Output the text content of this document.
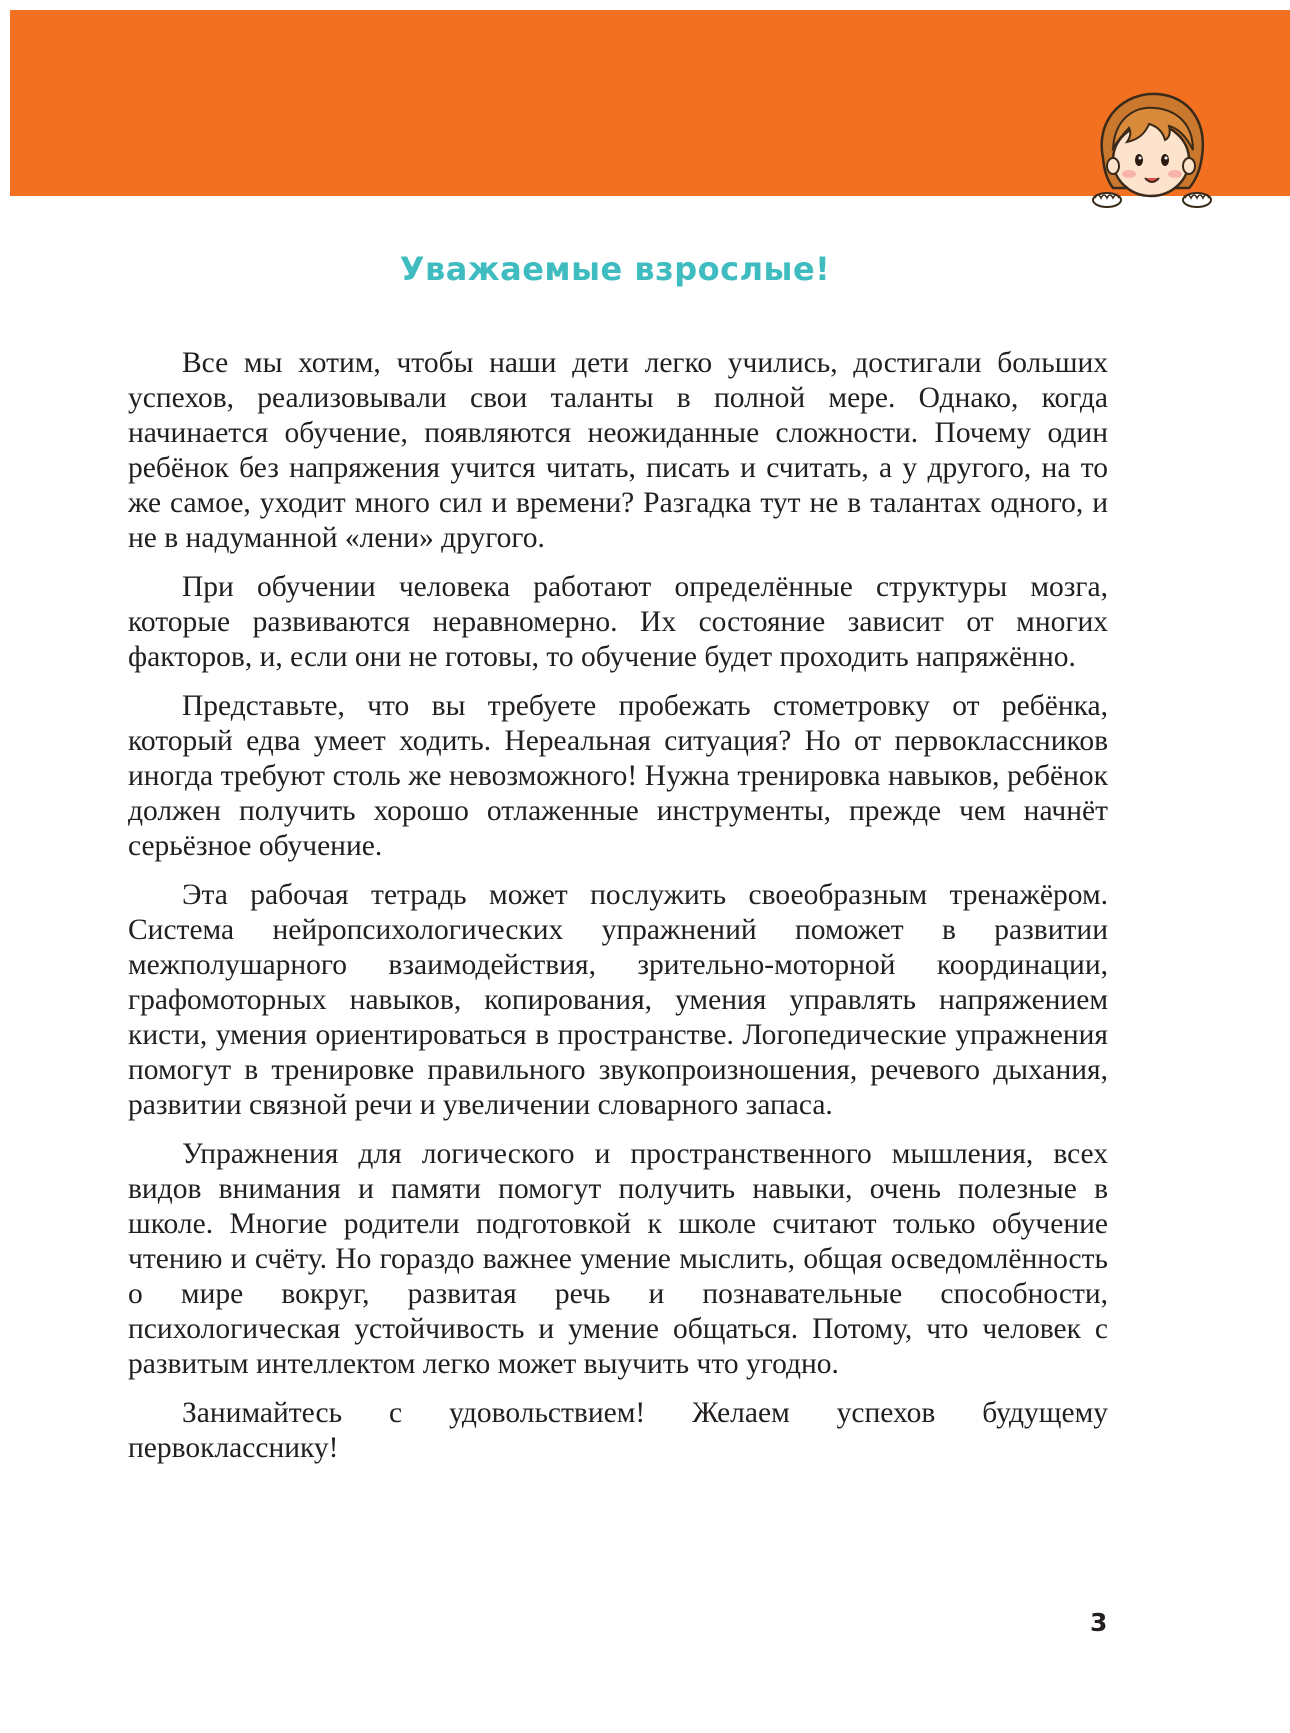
Уважаемые взрослые!

Все мы хотим, чтобы наши дети легко учились, достигали больших успехов, реализовывали свои таланты в полной мере. Однако, когда начинается обучение, появляются неожиданные сложности. Почему один ребёнок без напряжения учится читать, писать и считать, а у другого, на то же самое, уходит много сил и времени? Разгадка тут не в талантах одного, и не в надуманной «лени» другого.

При обучении человека работают определённые структуры мозга, которые развиваются неравномерно. Их состояние зависит от многих факторов, и, если они не готовы, то обучение будет проходить напряжённо.

Представьте, что вы требуете пробежать стометровку от ребёнка, который едва умеет ходить. Нереальная ситуация? Но от первоклассников иногда требуют столь же невозможного! Нужна тренировка навыков, ребёнок должен получить хорошо отлаженные инструменты, прежде чем начнёт серьёзное обучение.

Эта рабочая тетрадь может послужить своеобразным тренажёром. Система нейропсихологических упражнений поможет в развитии межполушарного взаимодействия, зрительно-моторной координации, графомоторных навыков, копирования, умения управлять напряжением кисти, умения ориентироваться в пространстве. Логопедические упражнения помогут в тренировке правильного звукопроизношения, речевого дыхания, развитии связной речи и увеличении словарного запаса.

Упражнения для логического и пространственного мышления, всех видов внимания и памяти помогут получить навыки, очень полезные в школе. Многие родители подготовкой к школе считают только обучение чтению и счёту. Но гораздо важнее умение мыслить, общая осведомлённость о мире вокруг, развитая речь и познавательные способности, психологическая устойчивость и умение общаться. Потому, что человек с развитым интеллектом легко может выучить что угодно.

Занимайтесь с удовольствием! Желаем успехов будущему первокласснику!

3
